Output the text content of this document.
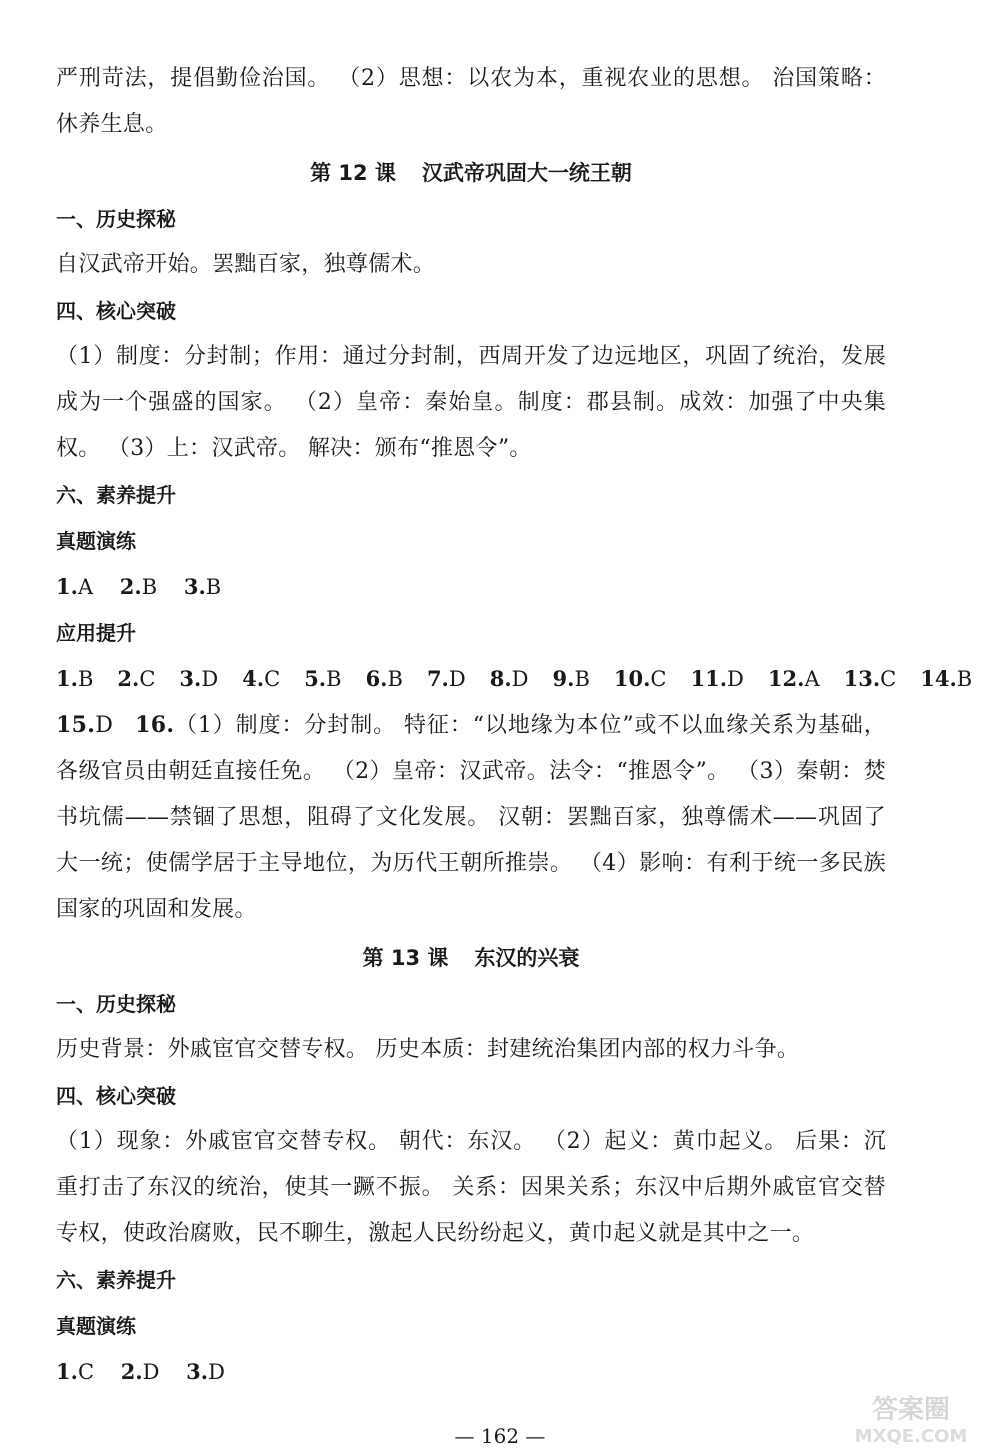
严刑苛法，提倡勤俭治国。 （2）思想：以农为本，重视农业的思想。 治国策略：休养生息。

第 12 课 汉武帝巩固大一统王朝
一、历史探秘

自汉武帝开始。罢黜百家，独尊儒术。

四、核心突破

（1）制度：分封制；作用：通过分封制，西周开发了边远地区，巩固了统治，发展成为一个强盛的国家。 （2）皇帝：秦始皇。制度：郡县制。成效：加强了中央集权。 （3）上：汉武帝。 解决：颁布“推恩令”。

六、素养提升
真题演练
1.A 2.B 3.B
应用提升
1.B 2.C 3.D 4.C 5.B 6.B 7.D 8.D 9.B 10.C 11.D 12.A 13.C 14.B

15.D 16.（1）制度：分封制。 特征：“以地缘为本位”或不以血缘关系为基础，各级官员由朝廷直接任免。 （2）皇帝：汉武帝。法令：“推恩令”。 （3）秦朝：焚书坑儒——禁锢了思想，阻碍了文化发展。 汉朝：罢黜百家，独尊儒术——巩固了大一统；使儒学居于主导地位，为历代王朝所推崇。 （4）影响：有利于统一多民族国家的巩固和发展。

第 13 课 东汉的兴衰
一、历史探秘

历史背景：外戚宦官交替专权。 历史本质：封建统治集团内部的权力斗争。

四、核心突破

（1）现象：外戚宦官交替专权。 朝代：东汉。 （2）起义：黄巾起义。 后果：沉重打击了东汉的统治，使其一蹶不振。 关系：因果关系；东汉中后期外戚宦官交替专权，使政治腐败，民不聊生，激起人民纷纷起义，黄巾起义就是其中之一。

六、素养提升
真题演练
1.C 2.D 3.D
— 162 —
答案圈
MXQE.COM
